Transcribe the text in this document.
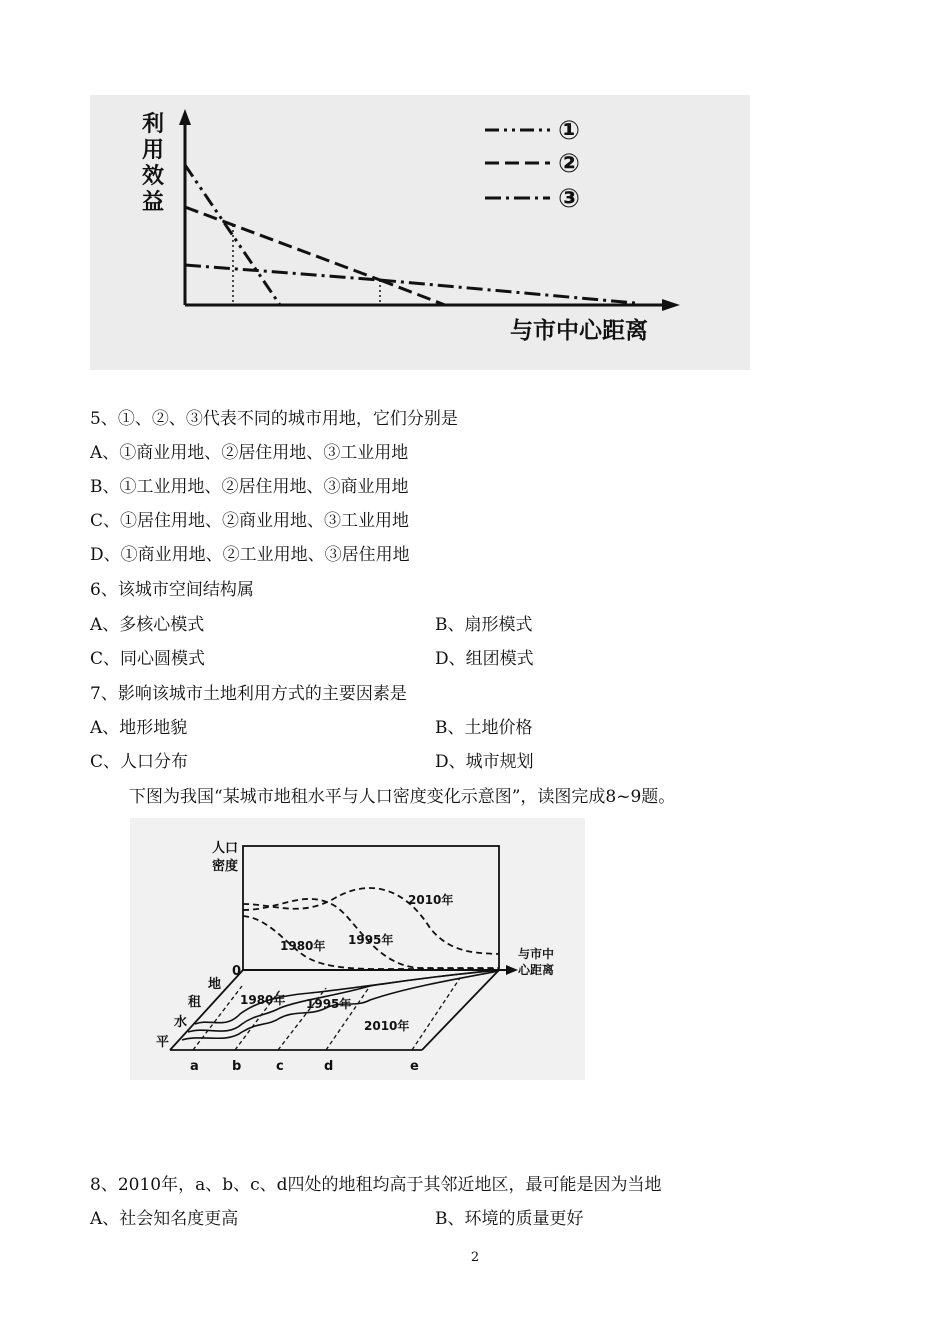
利
用
效
益
与市中心距离
①
②
③
5、①、②、③代表不同的城市用地，它们分别是
A、①商业用地、②居住用地、③工业用地
B、①工业用地、②居住用地、③商业用地
C、①居住用地、②商业用地、③工业用地
D、①商业用地、②工业用地、③居住用地
6、该城市空间结构属
A、多核心模式	B、扇形模式
C、同心圆模式	D、组团模式
7、影响该城市土地利用方式的主要因素是
A、地形地貌	B、土地价格
C、人口分布	D、城市规划
下图为我国“某城市地租水平与人口密度变化示意图”，读图完成8~9题。
人口
密度
0
地
租
水
平
与市中
心距离
2010年
1980年 1995年
1980年 1995年
2010年
a	b	c	d	e
8、2010年，a、b、c、d四处的地租均高于其邻近地区，最可能是因为当地
A、社会知名度更高	B、环境的质量更好
2
